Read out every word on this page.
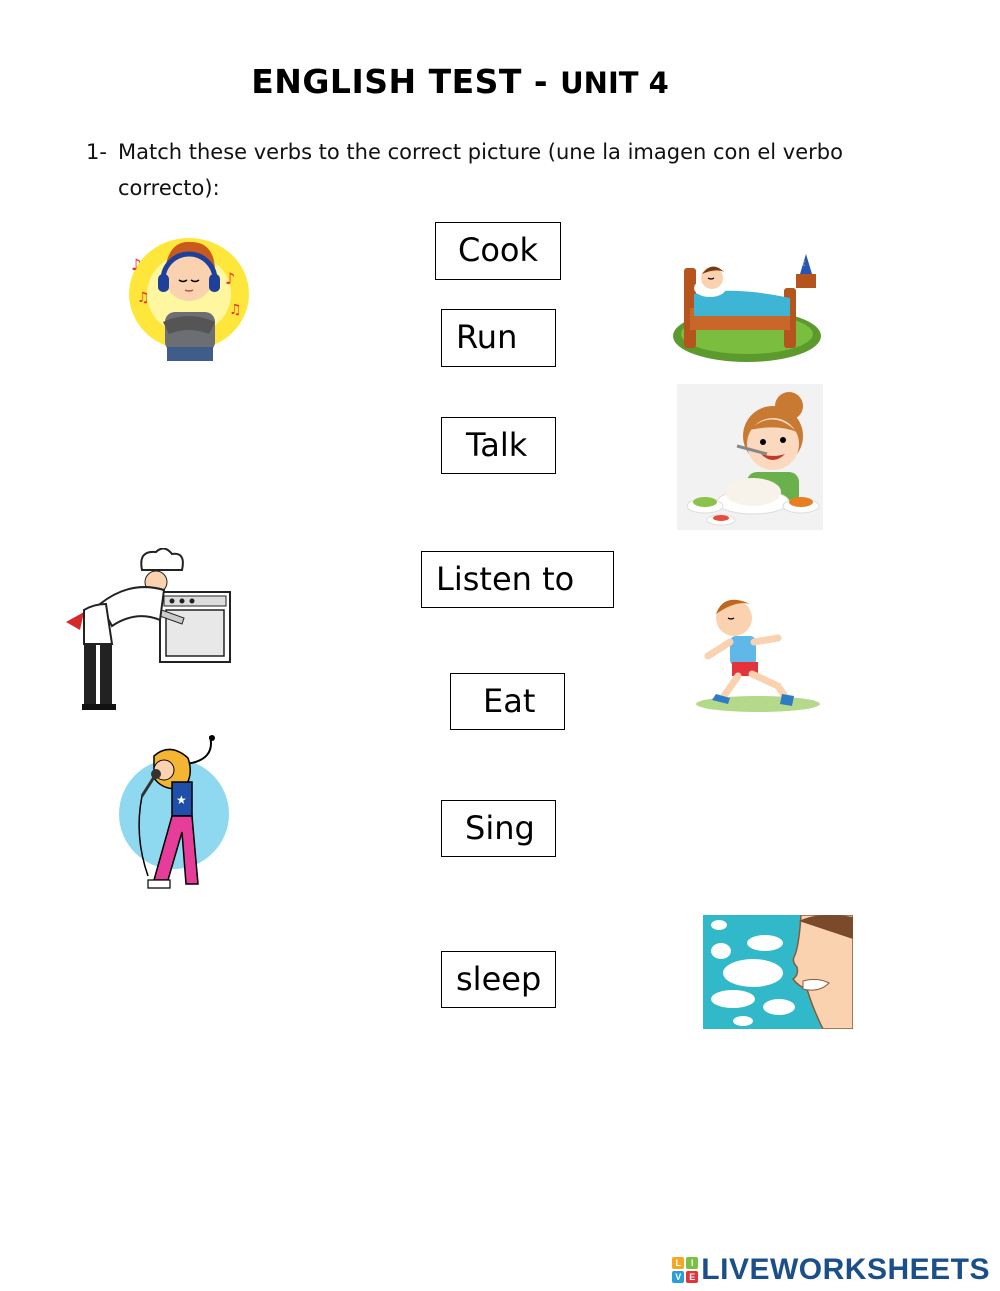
ENGLISH TEST - UNIT 4
1- Match these verbs to the correct picture (une la imagen con el verbo
correcto):
Cook
Run
Talk
Listen to
Eat
Sing
sleep
♪
♫
♪
♫
☾
★
L	I
V E LIVEWORKSHEETS
